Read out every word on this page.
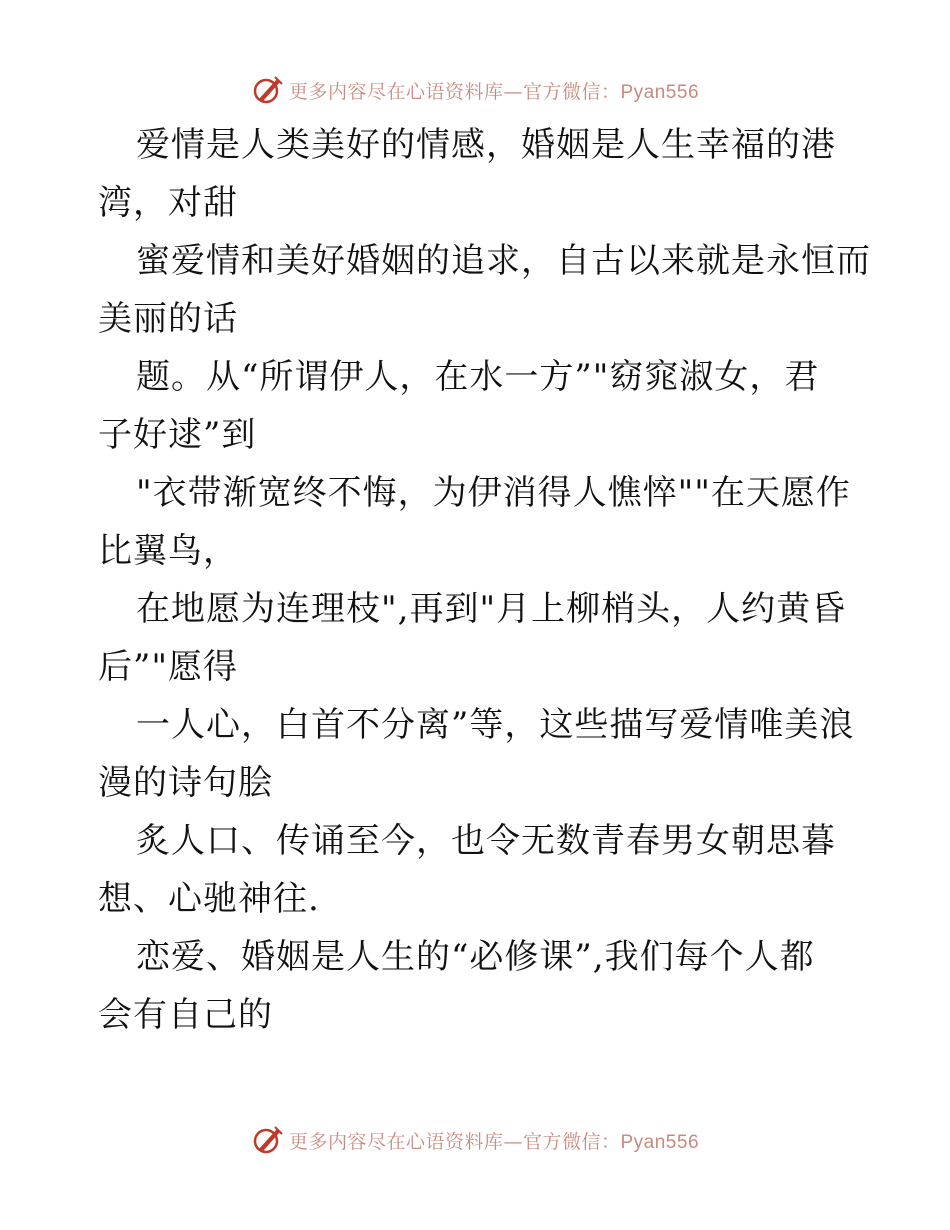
更多内容尽在心语资料库—官方微信：Pyan556
爱情是人类美好的情感，婚姻是人生幸福的港
湾，对甜
蜜爱情和美好婚姻的追求，自古以来就是永恒而
美丽的话
题。从“所谓伊人，在水一方”"窈窕淑女，君
子好逑”到
"衣带渐宽终不悔，为伊消得人憔悴""在天愿作
比翼鸟，
在地愿为连理枝",再到"月上柳梢头，人约黄昏
后”"愿得
一人心，白首不分离”等，这些描写爱情唯美浪
漫的诗句脍
炙人口、传诵至今，也令无数青春男女朝思暮
想、心驰神往.
恋爱、婚姻是人生的“必修课”,我们每个人都
会有自己的
更多内容尽在心语资料库—官方微信：Pyan556
